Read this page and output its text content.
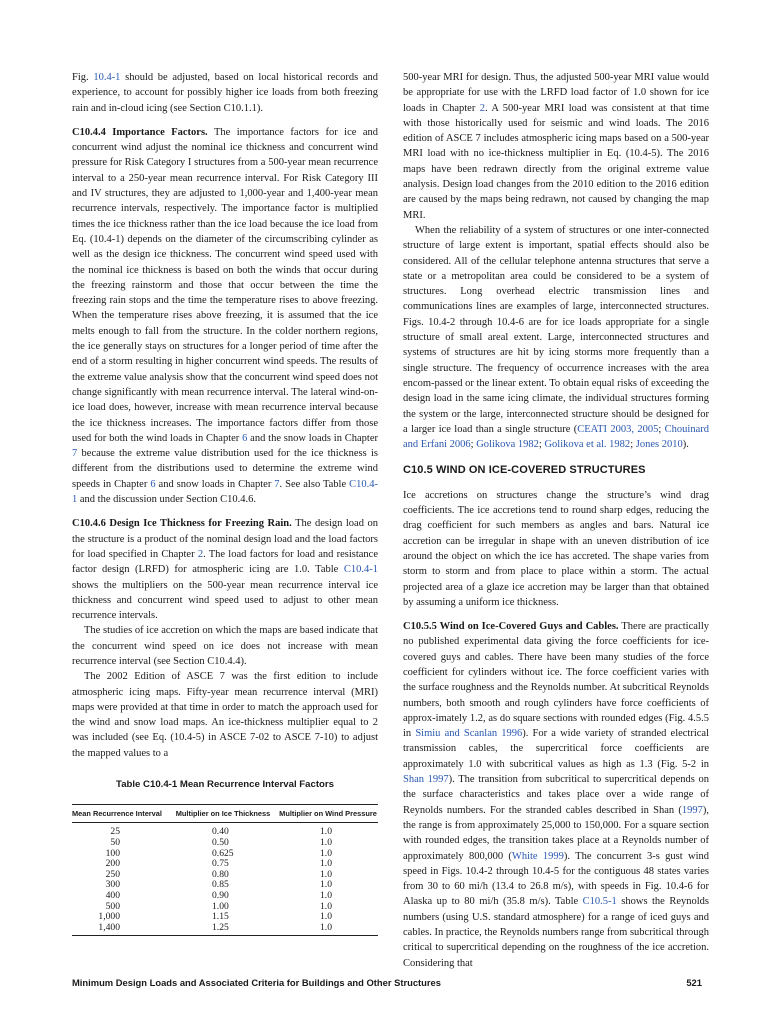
Fig. 10.4-1 should be adjusted, based on local historical records and experience, to account for possibly higher ice loads from both freezing rain and in-cloud icing (see Section C10.1.1).

C10.4.4 Importance Factors. The importance factors for ice and concurrent wind adjust the nominal ice thickness and concurrent wind pressure for Risk Category I structures from a 500-year mean recurrence interval to a 250-year mean recurrence interval. For Risk Category III and IV structures, they are adjusted to 1,000-year and 1,400-year mean recurrence intervals, respectively. The importance factor is multiplied times the ice thickness rather than the ice load because the ice load from Eq. (10.4-1) depends on the diameter of the circumscribing cylinder as well as the design ice thickness. The concurrent wind speed used with the nominal ice thickness is based on both the winds that occur during the freezing rainstorm and those that occur between the time the freezing rain stops and the time the temperature rises to above freezing. When the temperature rises above freezing, it is assumed that the ice melts enough to fall from the structure. In the colder northern regions, the ice generally stays on structures for a longer period of time after the end of a storm resulting in higher concurrent wind speeds. The results of the extreme value analysis show that the concurrent wind speed does not change significantly with mean recurrence interval. The lateral wind-on-ice load does, however, increase with mean recurrence interval because the ice thickness increases. The importance factors differ from those used for both the wind loads in Chapter 6 and the snow loads in Chapter 7 because the extreme value distribution used for the ice thickness is different from the distributions used to determine the extreme wind speeds in Chapter 6 and snow loads in Chapter 7. See also Table C10.4-1 and the discussion under Section C10.4.6.

C10.4.6 Design Ice Thickness for Freezing Rain. The design load on the structure is a product of the nominal design load and the load factors for load specified in Chapter 2. The load factors for load and resistance factor design (LRFD) for atmospheric icing are 1.0. Table C10.4-1 shows the multipliers on the 500-year mean recurrence interval ice thickness and concurrent wind speed used to adjust to other mean recurrence intervals.

The studies of ice accretion on which the maps are based indicate that the concurrent wind speed on ice does not increase with mean recurrence interval (see Section C10.4.4).

The 2002 Edition of ASCE 7 was the first edition to include atmospheric icing maps. Fifty-year mean recurrence interval (MRI) maps were provided at that time in order to match the approach used for the wind and snow load maps. An ice-thickness multiplier equal to 2 was included (see Eq. (10.4-5) in ASCE 7-02 to ASCE 7-10) to adjust the mapped values to a

Table C10.4-1 Mean Recurrence Interval Factors
Mean Recurrence Interval	Multiplier on Ice Thickness	Multiplier on Wind Pressure
25	0.40	1.0
50	0.50	1.0
100	0.625	1.0
200	0.75	1.0
250	0.80	1.0
300	0.85	1.0
400	0.90	1.0
500	1.00	1.0
1,000	1.15	1.0
1,400	1.25	1.0

500-year MRI for design. Thus, the adjusted 500-year MRI value would be appropriate for use with the LRFD load factor of 1.0 shown for ice loads in Chapter 2. A 500-year MRI load was consistent at that time with those historically used for seismic and wind loads. The 2016 edition of ASCE 7 includes atmospheric icing maps based on a 500-year MRI load with no ice-thickness multiplier in Eq. (10.4-5). The 2016 maps have been redrawn directly from the original extreme value analysis. Design load changes from the 2010 edition to the 2016 edition are caused by the maps being redrawn, not caused by changing the map MRI.

When the reliability of a system of structures or one inter-connected structure of large extent is important, spatial effects should also be considered. All of the cellular telephone antenna structures that serve a state or a metropolitan area could be considered to be a system of structures. Long overhead electric transmission lines and communications lines are examples of large, interconnected structures. Figs. 10.4-2 through 10.4-6 are for ice loads appropriate for a single structure of small areal extent. Large, interconnected structures and systems of structures are hit by icing storms more frequently than a single structure. The frequency of occurrence increases with the area encom-passed or the linear extent. To obtain equal risks of exceeding the design load in the same icing climate, the individual structures forming the system or the large, interconnected structure should be designed for a larger ice load than a single structure (CEATI 2003, 2005; Chouinard and Erfani 2006; Golikova 1982; Golikova et al. 1982; Jones 2010).

C10.5 WIND ON ICE-COVERED STRUCTURES

Ice accretions on structures change the structure’s wind drag coefficients. The ice accretions tend to round sharp edges, reducing the drag coefficient for such members as angles and bars. Natural ice accretion can be irregular in shape with an uneven distribution of ice around the object on which the ice has accreted. The shape varies from storm to storm and from place to place within a storm. The actual projected area of a glaze ice accretion may be larger than that obtained by assuming a uniform ice thickness.

C10.5.5 Wind on Ice-Covered Guys and Cables. There are practically no published experimental data giving the force coefficients for ice-covered guys and cables. There have been many studies of the force coefficient for cylinders without ice. The force coefficient varies with the surface roughness and the Reynolds number. At subcritical Reynolds numbers, both smooth and rough cylinders have force coefficients of approx-imately 1.2, as do square sections with rounded edges (Fig. 4.5.5 in Simiu and Scanlan 1996). For a wide variety of stranded electrical transmission cables, the supercritical force coefficients are approximately 1.0 with subcritical values as high as 1.3 (Fig. 5-2 in Shan 1997). The transition from subcritical to supercritical depends on the surface characteristics and takes place over a wide range of Reynolds numbers. For the stranded cables described in Shan (1997), the range is from approximately 25,000 to 150,000. For a square section with rounded edges, the transition takes place at a Reynolds number of approximately 800,000 (White 1999). The concurrent 3-s gust wind speed in Figs. 10.4-2 through 10.4-5 for the contiguous 48 states varies from 30 to 60 mi/h (13.4 to 26.8 m/s), with speeds in Fig. 10.4-6 for Alaska up to 80 mi/h (35.8 m/s). Table C10.5-1 shows the Reynolds numbers (using U.S. standard atmosphere) for a range of iced guys and cables. In practice, the Reynolds numbers range from subcritical through critical to supercritical depending on the roughness of the ice accretion. Considering that

Minimum Design Loads and Associated Criteria for Buildings and Other Structures	521
